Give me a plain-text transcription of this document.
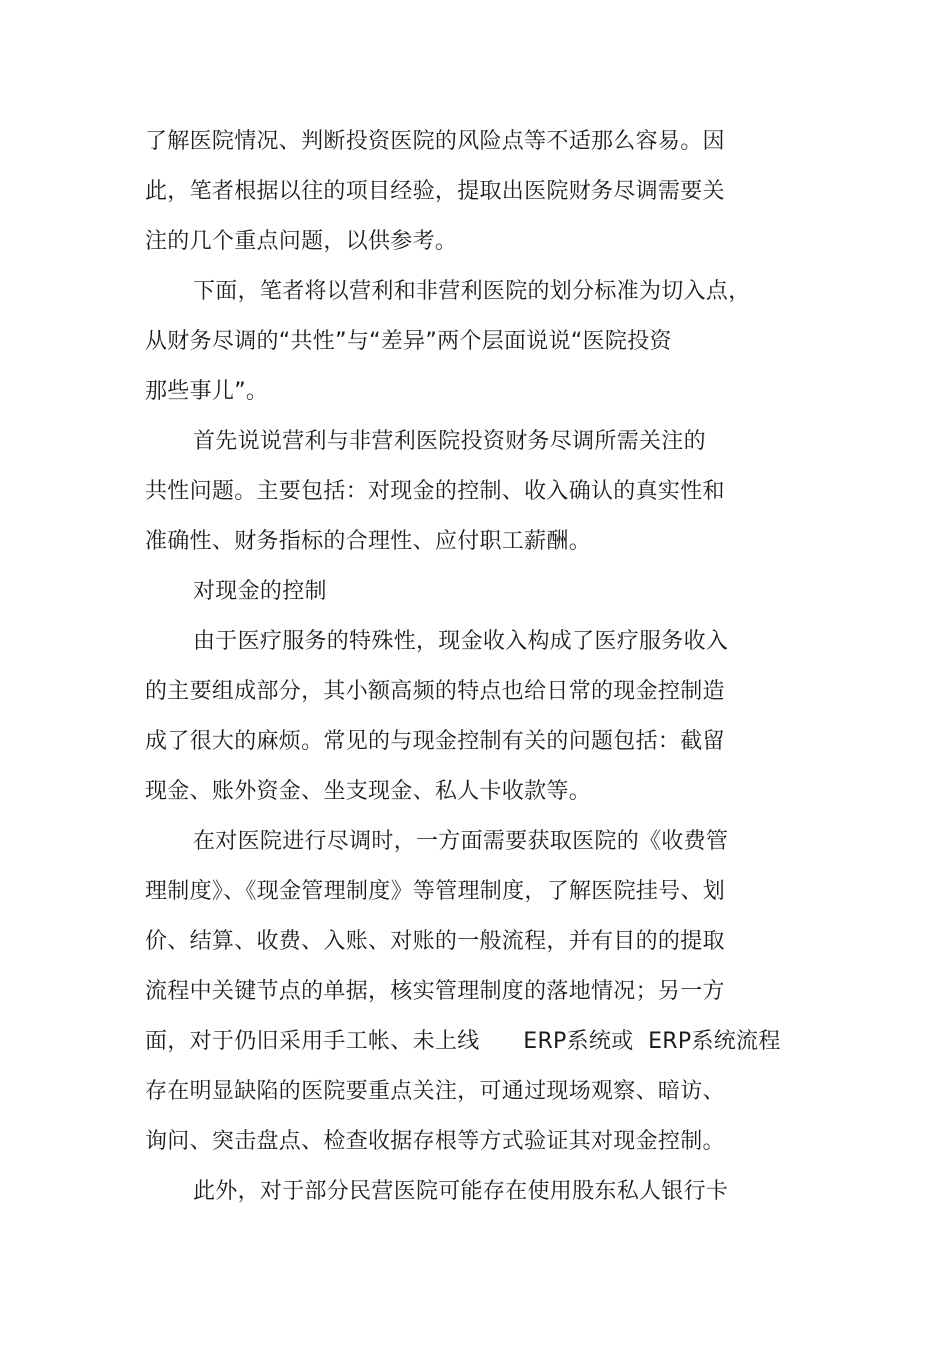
了解医院情况、判断投资医院的风险点等不适那么容易。因
此，笔者根据以往的项目经验，提取出医院财务尽调需要关
注的几个重点问题，以供参考。
下面，笔者将以营利和非营利医院的划分标准为切入点，
从财务尽调的“共性”与“差异”两个层面说说“医院投资
那些事儿”。
首先说说营利与非营利医院投资财务尽调所需关注的
共性问题。主要包括：对现金的控制、收入确认的真实性和
准确性、财务指标的合理性、应付职工薪酬。
对现金的控制
由于医疗服务的特殊性，现金收入构成了医疗服务收入
的主要组成部分，其小额高频的特点也给日常的现金控制造
成了很大的麻烦。常见的与现金控制有关的问题包括：截留
现金、账外资金、坐支现金、私人卡收款等。
在对医院进行尽调时，一方面需要获取医院的《收费管
理制度》、《现金管理制度》等管理制度，了解医院挂号、划
价、结算、收费、入账、对账的一般流程，并有目的的提取
流程中关键节点的单据，核实管理制度的落地情况；另一方
面，对于仍旧采用手工帐、未上线      ERP系统或  ERP系统流程
存在明显缺陷的医院要重点关注，可通过现场观察、暗访、
询问、突击盘点、检查收据存根等方式验证其对现金控制。
此外，对于部分民营医院可能存在使用股东私人银行卡
